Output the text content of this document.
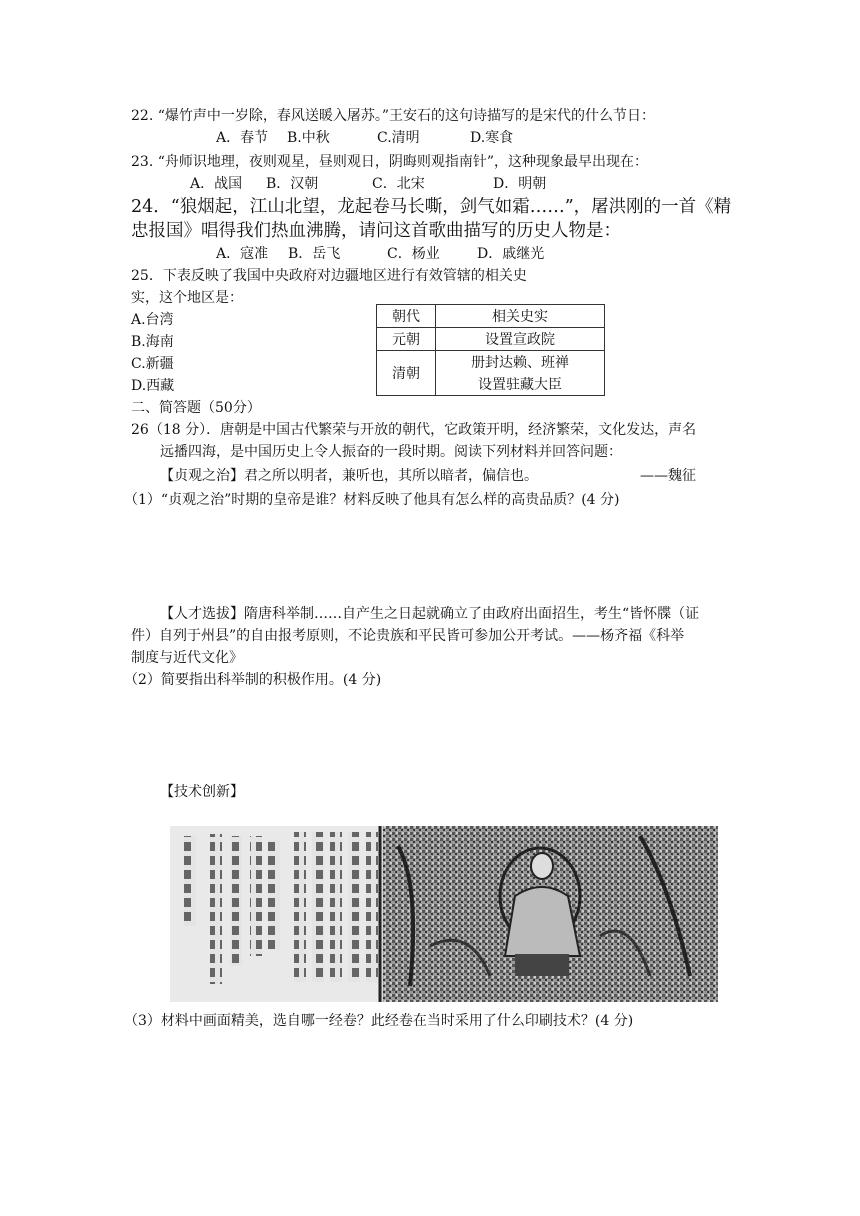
22. “爆竹声中一岁除，春风送暖入屠苏。”王安石的这句诗描写的是宋代的什么节日：
A．春节 B.中秋	C.清明	D.寒食
23. “舟师识地理，夜则观星，昼则观日，阴晦则观指南针”，这种现象最早出现在：
A．战国 B．汉朝	C．北宋	D．明朝
24．“狼烟起，江山北望，龙起卷马长嘶，剑气如霜……”，屠洪刚的一首《精
忠报国》唱得我们热血沸腾，请问这首歌曲描写的历史人物是：
A．寇准 B．岳飞	C．杨业	D．戚继光
25．下表反映了我国中央政府对边疆地区进行有效管辖的相关史
实，这个地区是：
A.台湾
B.海南
C.新疆
D.西藏
朝代	相关史实
元朝	设置宣政院
清朝	册封达赖、班禅
	设置驻藏大臣
二、简答题（50分）
26（18 分）．唐朝是中国古代繁荣与开放的朝代，它政策开明，经济繁荣，文化发达，声名
远播四海，是中国历史上令人振奋的一段时期。阅读下列材料并回答问题：
【贞观之治】君之所以明者，兼听也，其所以暗者，偏信也。	——魏征
（1）“贞观之治”时期的皇帝是谁？材料反映了他具有怎么样的高贵品质？(4 分)
【人才选拔】隋唐科举制……自产生之日起就确立了由政府出面招生，考生“皆怀牒（证
件）自列于州县”的自由报考原则，不论贵族和平民皆可参加公开考试。——杨齐福《科举
制度与近代文化》
（2）简要指出科举制的积极作用。(4 分)
【技术创新】
（3）材料中画面精美，选自哪一经卷？此经卷在当时采用了什么印刷技术？(4 分)
